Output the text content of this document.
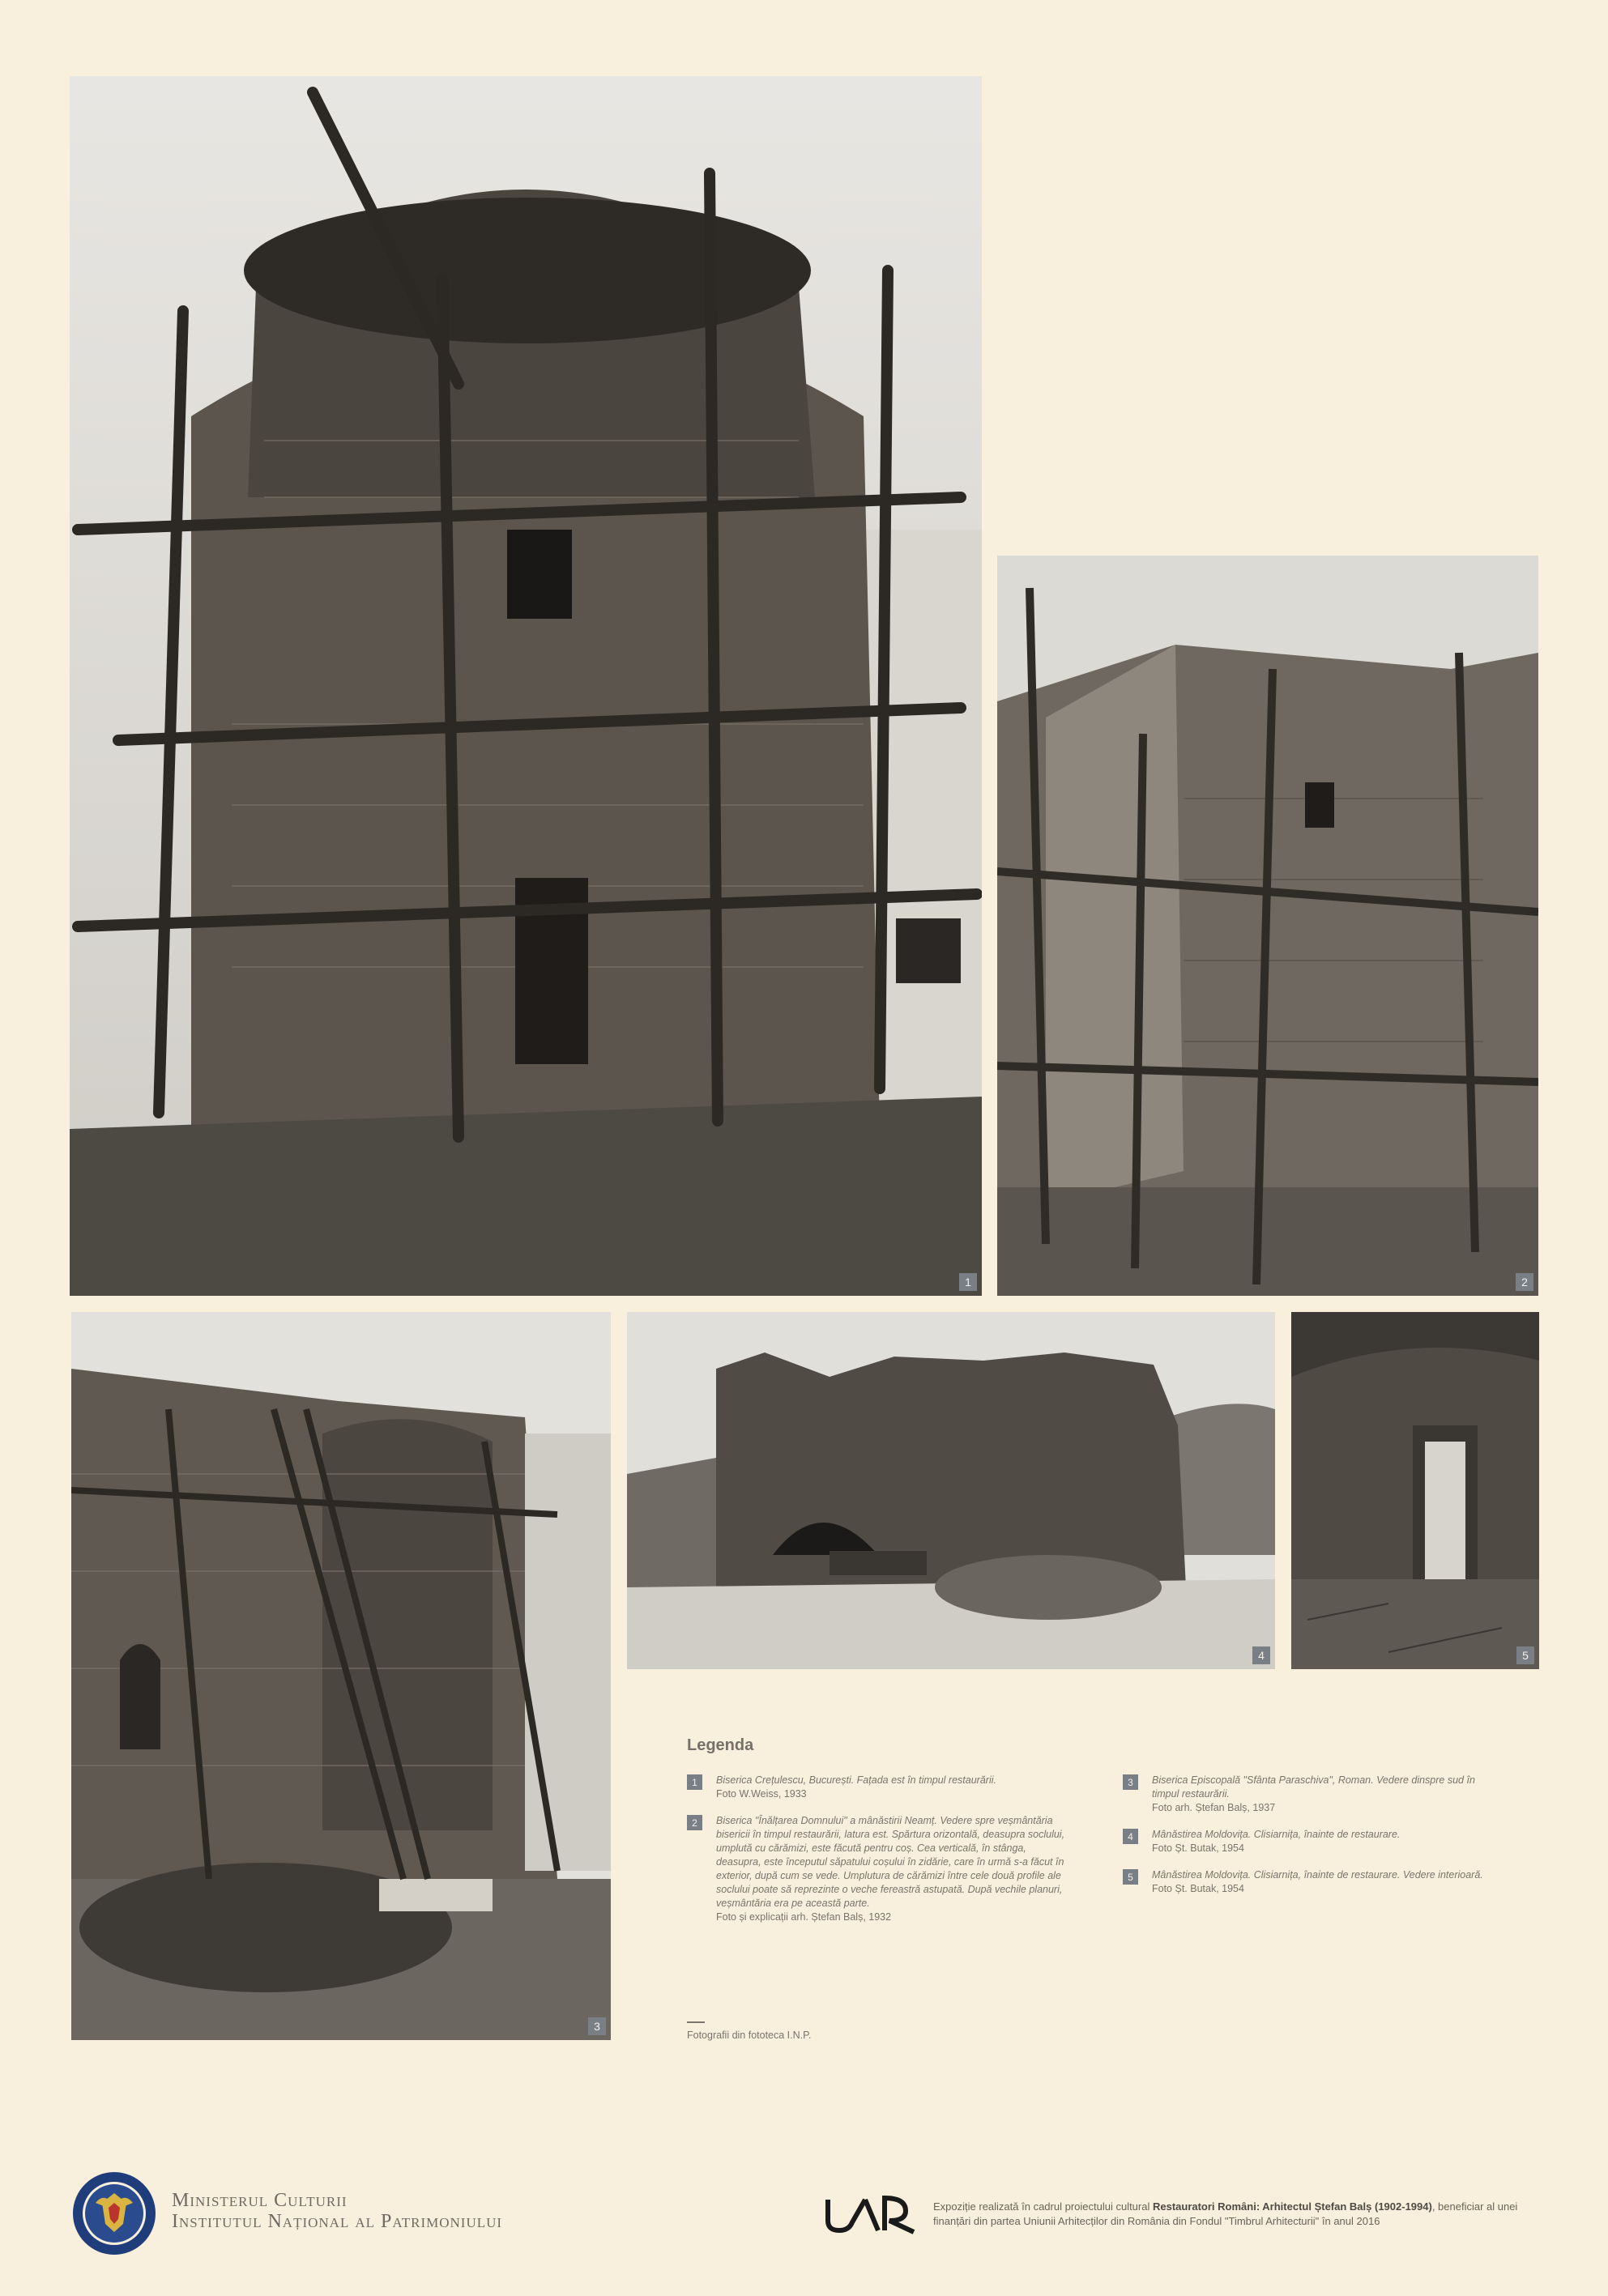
1	2
3
4	5
Legenda
1	Biserica Crețulescu, București. Fațada est în timpul restaurării.
Foto W.Weiss, 1933
2	Biserica "Înălțarea Domnului" a mânăstirii Neamț. Vedere spre veșmântăria bisericii în timpul restaurării, latura est. Spărtura orizontală, deasupra soclului, umplută cu cărămizi, este făcută pentru coș. Cea verticală, în stânga, deasupra, este începutul săpatului coșului în zidărie, care în urmă s-a făcut în exterior, după cum se vede. Umplutura de cărămizi între cele două profile ale soclului poate să reprezinte o veche fereastră astupată. După vechile planuri, veșmântăria era pe această parte.
Foto și explicații arh. Ștefan Balș, 1932
3	Biserica Episcopală "Sfânta Paraschiva", Roman. Vedere dinspre sud în timpul restaurării.
Foto arh. Ștefan Balș, 1937
4	Mânăstirea Moldovița. Clisiarnița, înainte de restaurare.
Foto Șt. Butak, 1954
5	Mânăstirea Moldovița. Clisiarnița, înainte de restaurare. Vedere interioară.
Foto Șt. Butak, 1954
Fotografii din fototeca I.N.P.
Ministerul Culturii
Institutul Național al Patrimoniului
Expoziție realizată în cadrul proiectului cultural Restauratori Români: Arhitectul Ștefan Balș (1902-1994), beneficiar al unei finanțări din partea Uniunii Arhitecților din România din Fondul "Timbrul Arhitecturii" în anul 2016
